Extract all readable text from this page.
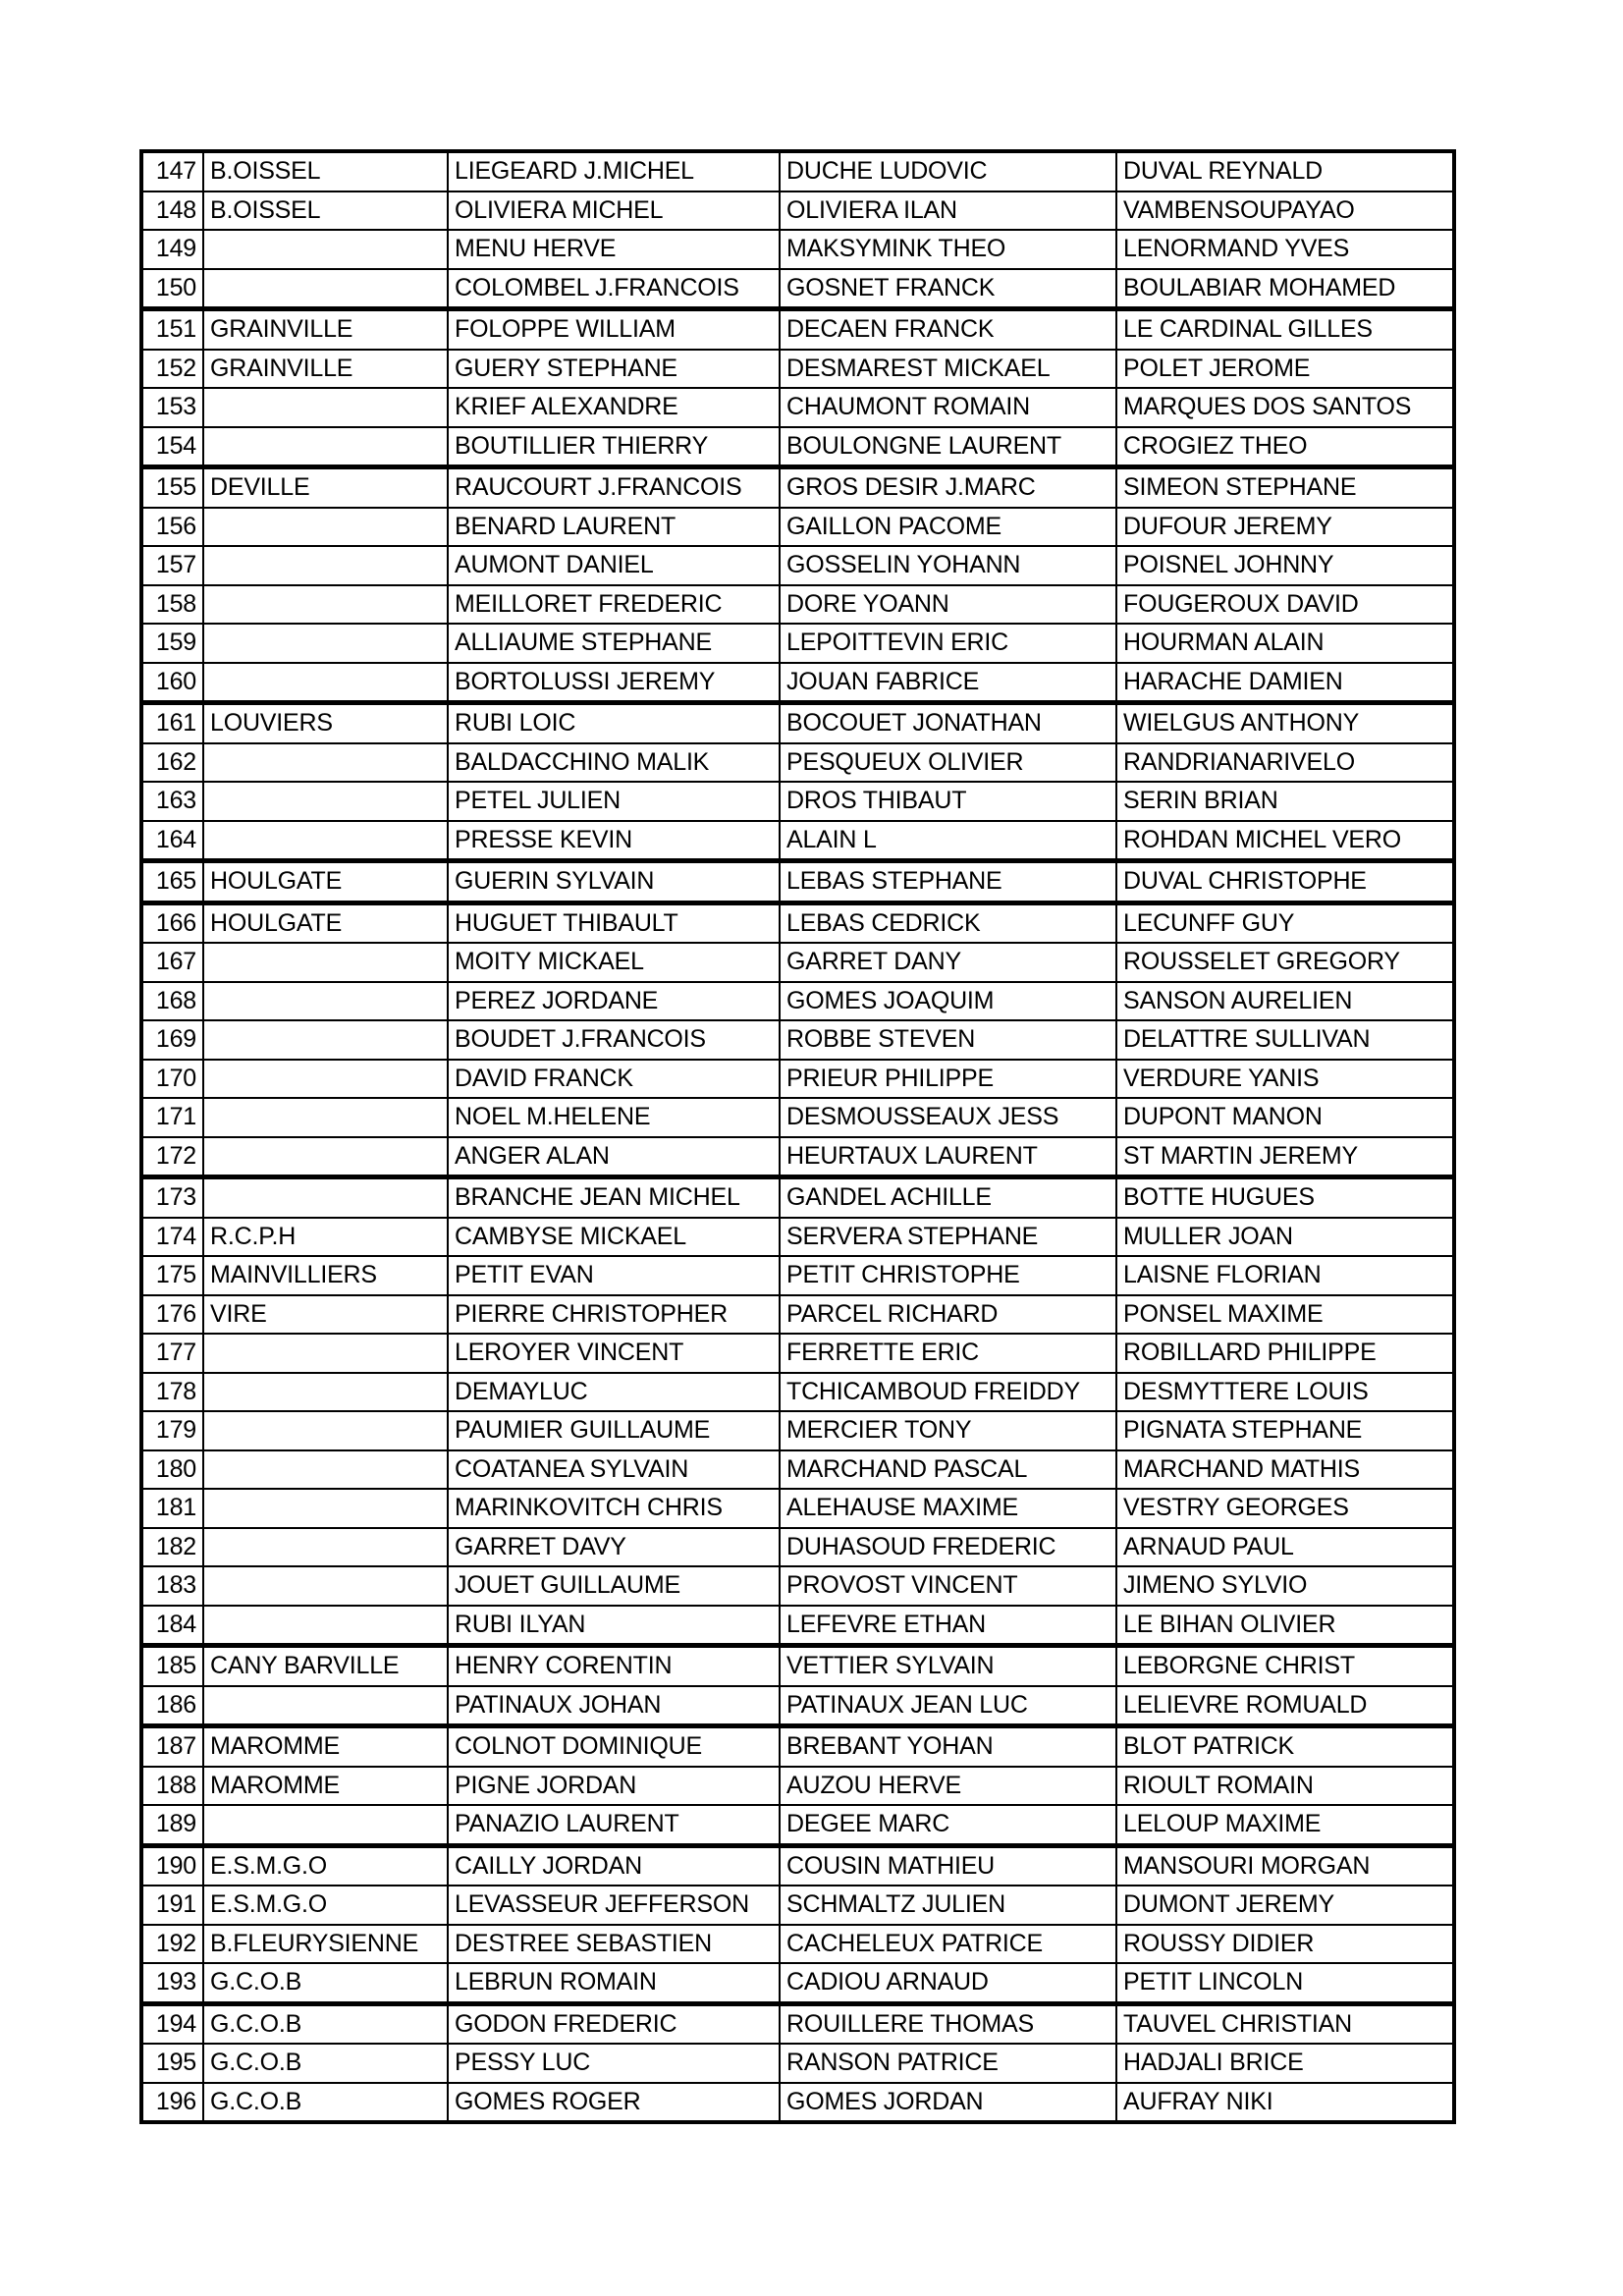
147	B.OISSEL	LIEGEARD J.MICHEL	DUCHE LUDOVIC	DUVAL REYNALD
148	B.OISSEL	OLIVIERA MICHEL	OLIVIERA ILAN	VAMBENSOUPAYAO
149		MENU HERVE	MAKSYMINK THEO	LENORMAND YVES
150		COLOMBEL J.FRANCOIS	GOSNET FRANCK	BOULABIAR MOHAMED
151	GRAINVILLE	FOLOPPE WILLIAM	DECAEN FRANCK	LE CARDINAL GILLES
152	GRAINVILLE	GUERY STEPHANE	DESMAREST MICKAEL	POLET JEROME
153		KRIEF ALEXANDRE	CHAUMONT ROMAIN	MARQUES DOS SANTOS
154		BOUTILLIER THIERRY	BOULONGNE LAURENT	CROGIEZ THEO
155	DEVILLE	RAUCOURT J.FRANCOIS	GROS DESIR J.MARC	SIMEON STEPHANE
156		BENARD LAURENT	GAILLON PACOME	DUFOUR JEREMY
157		AUMONT DANIEL	GOSSELIN YOHANN	POISNEL JOHNNY
158		MEILLORET FREDERIC	DORE YOANN	FOUGEROUX DAVID
159		ALLIAUME STEPHANE	LEPOITTEVIN ERIC	HOURMAN ALAIN
160		BORTOLUSSI JEREMY	JOUAN FABRICE	HARACHE DAMIEN
161	LOUVIERS	RUBI LOIC	BOCOUET JONATHAN	WIELGUS ANTHONY
162		BALDACCHINO MALIK	PESQUEUX OLIVIER	RANDRIANARIVELO
163		PETEL JULIEN	DROS THIBAUT	SERIN BRIAN
164		PRESSE KEVIN	ALAIN L	ROHDAN MICHEL VERO
165	HOULGATE	GUERIN SYLVAIN	LEBAS STEPHANE	DUVAL CHRISTOPHE
166	HOULGATE	HUGUET THIBAULT	LEBAS CEDRICK	LECUNFF GUY
167		MOITY MICKAEL	GARRET DANY	ROUSSELET GREGORY
168		PEREZ JORDANE	GOMES JOAQUIM	SANSON AURELIEN
169		BOUDET J.FRANCOIS	ROBBE STEVEN	DELATTRE SULLIVAN
170		DAVID FRANCK	PRIEUR PHILIPPE	VERDURE YANIS
171		NOEL M.HELENE	DESMOUSSEAUX JESS	DUPONT MANON
172		ANGER ALAN	HEURTAUX LAURENT	ST MARTIN JEREMY
173		BRANCHE JEAN MICHEL	GANDEL ACHILLE	BOTTE HUGUES
174	R.C.P.H	CAMBYSE MICKAEL	SERVERA STEPHANE	MULLER JOAN
175	MAINVILLIERS	PETIT EVAN	PETIT CHRISTOPHE	LAISNE FLORIAN
176	VIRE	PIERRE CHRISTOPHER	PARCEL RICHARD	PONSEL MAXIME
177		LEROYER VINCENT	FERRETTE ERIC	ROBILLARD PHILIPPE
178		DEMAYLUC	TCHICAMBOUD FREIDDY	DESMYTTERE LOUIS
179		PAUMIER GUILLAUME	MERCIER TONY	PIGNATA STEPHANE
180		COATANEA SYLVAIN	MARCHAND PASCAL	MARCHAND MATHIS
181		MARINKOVITCH CHRIS	ALEHAUSE MAXIME	VESTRY GEORGES
182		GARRET DAVY	DUHASOUD FREDERIC	ARNAUD PAUL
183		JOUET GUILLAUME	PROVOST VINCENT	JIMENO SYLVIO
184		RUBI ILYAN	LEFEVRE ETHAN	LE BIHAN OLIVIER
185	CANY BARVILLE	HENRY CORENTIN	VETTIER SYLVAIN	LEBORGNE CHRIST
186		PATINAUX JOHAN	PATINAUX JEAN LUC	LELIEVRE ROMUALD
187	MAROMME	COLNOT DOMINIQUE	BREBANT YOHAN	BLOT PATRICK
188	MAROMME	PIGNE JORDAN	AUZOU HERVE	RIOULT ROMAIN
189		PANAZIO LAURENT	DEGEE MARC	LELOUP MAXIME
190	E.S.M.G.O	CAILLY JORDAN	COUSIN MATHIEU	MANSOURI MORGAN
191	E.S.M.G.O	LEVASSEUR JEFFERSON	SCHMALTZ JULIEN	DUMONT JEREMY
192	B.FLEURYSIENNE	DESTREE SEBASTIEN	CACHELEUX PATRICE	ROUSSY DIDIER
193	G.C.O.B	LEBRUN ROMAIN	CADIOU ARNAUD	PETIT LINCOLN
194	G.C.O.B	GODON FREDERIC	ROUILLERE THOMAS	TAUVEL CHRISTIAN
195	G.C.O.B	PESSY LUC	RANSON PATRICE	HADJALI BRICE
196	G.C.O.B	GOMES ROGER	GOMES JORDAN	AUFRAY NIKI
